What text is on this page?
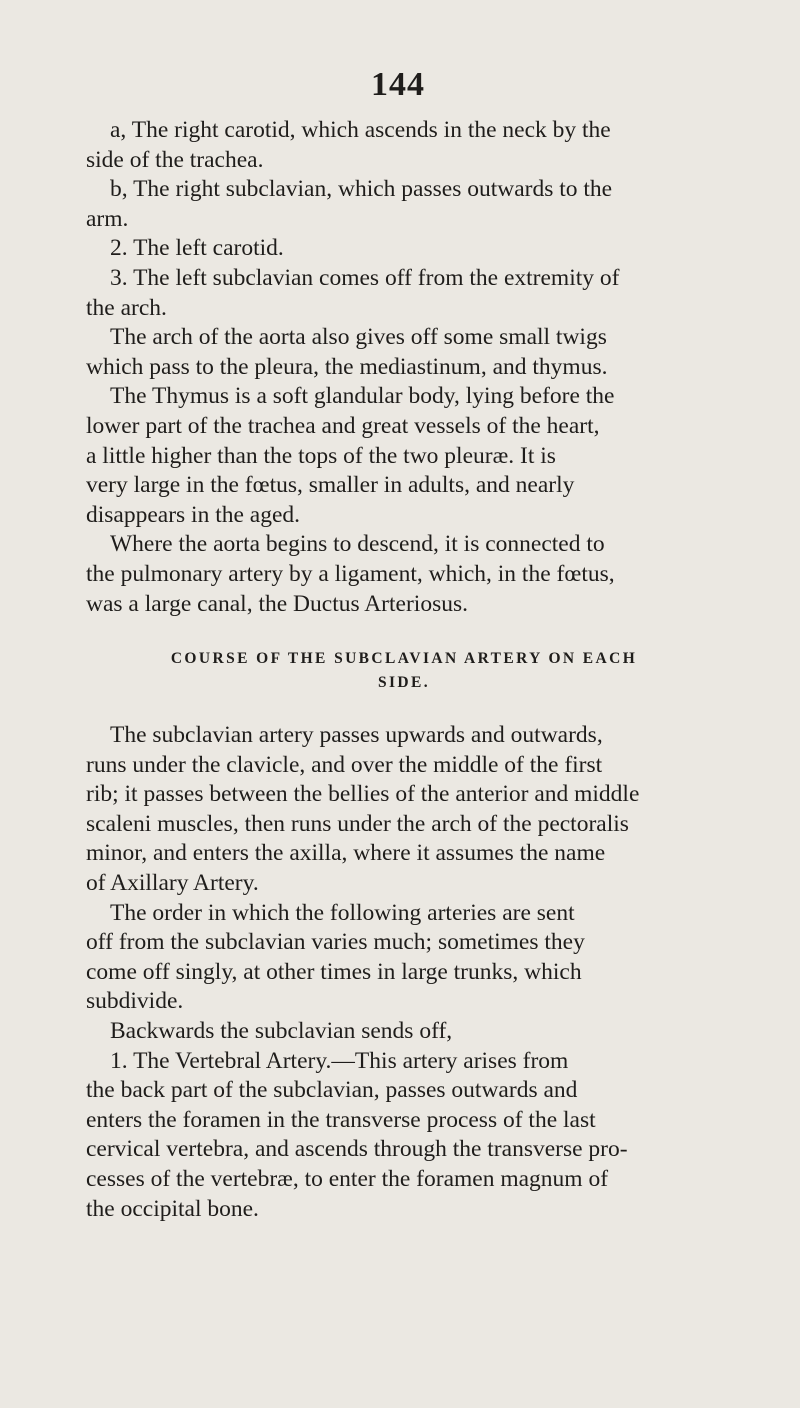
144
a, The right carotid, which ascends in the neck by the
side of the trachea.
b, The right subclavian, which passes outwards to the
arm.
2. The left carotid.
3. The left subclavian comes off from the extremity of
the arch.
The arch of the aorta also gives off some small twigs
which pass to the pleura, the mediastinum, and thymus.
The Thymus is a soft glandular body, lying before the
lower part of the trachea and great vessels of the heart,
a little higher than the tops of the two pleuræ. It is
very large in the fœtus, smaller in adults, and nearly
disappears in the aged.
Where the aorta begins to descend, it is connected to
the pulmonary artery by a ligament, which, in the fœtus,
was a large canal, the Ductus Arteriosus.
COURSE OF THE SUBCLAVIAN ARTERY ON EACH
SIDE.
The subclavian artery passes upwards and outwards,
runs under the clavicle, and over the middle of the first
rib; it passes between the bellies of the anterior and middle
scaleni muscles, then runs under the arch of the pectoralis
minor, and enters the axilla, where it assumes the name
of Axillary Artery.
The order in which the following arteries are sent
off from the subclavian varies much; sometimes they
come off singly, at other times in large trunks, which
subdivide.
Backwards the subclavian sends off,
1. The Vertebral Artery.—This artery arises from
the back part of the subclavian, passes outwards and
enters the foramen in the transverse process of the last
cervical vertebra, and ascends through the transverse pro-
cesses of the vertebræ, to enter the foramen magnum of
the occipital bone.
